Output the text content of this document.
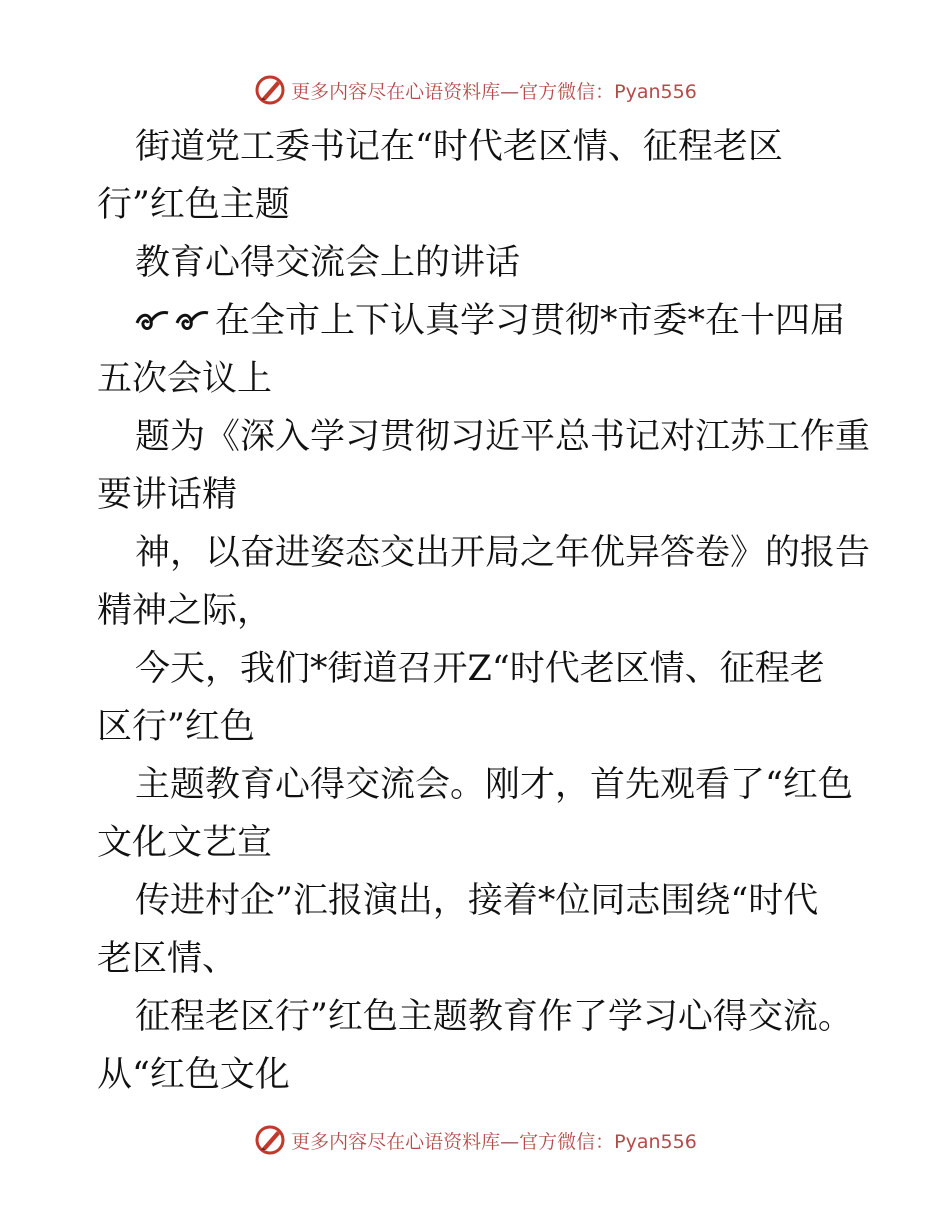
更多内容尽在心语资料库—官方微信：Pyan556
街道党工委书记在“时代老区情、征程老区
行”红色主题
教育心得交流会上的讲话
在全市上下认真学习贯彻*市委*在十四届
五次会议上
题为《深入学习贯彻习近平总书记对江苏工作重
要讲话精
神，以奋进姿态交出开局之年优异答卷》的报告
精神之际，
今天，我们*街道召开Z“时代老区情、征程老
区行”红色
主题教育心得交流会。刚才，首先观看了“红色
文化文艺宣
传进村企”汇报演出，接着*位同志围绕“时代
老区情、
征程老区行”红色主题教育作了学习心得交流。
从“红色文化
更多内容尽在心语资料库—官方微信：Pyan556
